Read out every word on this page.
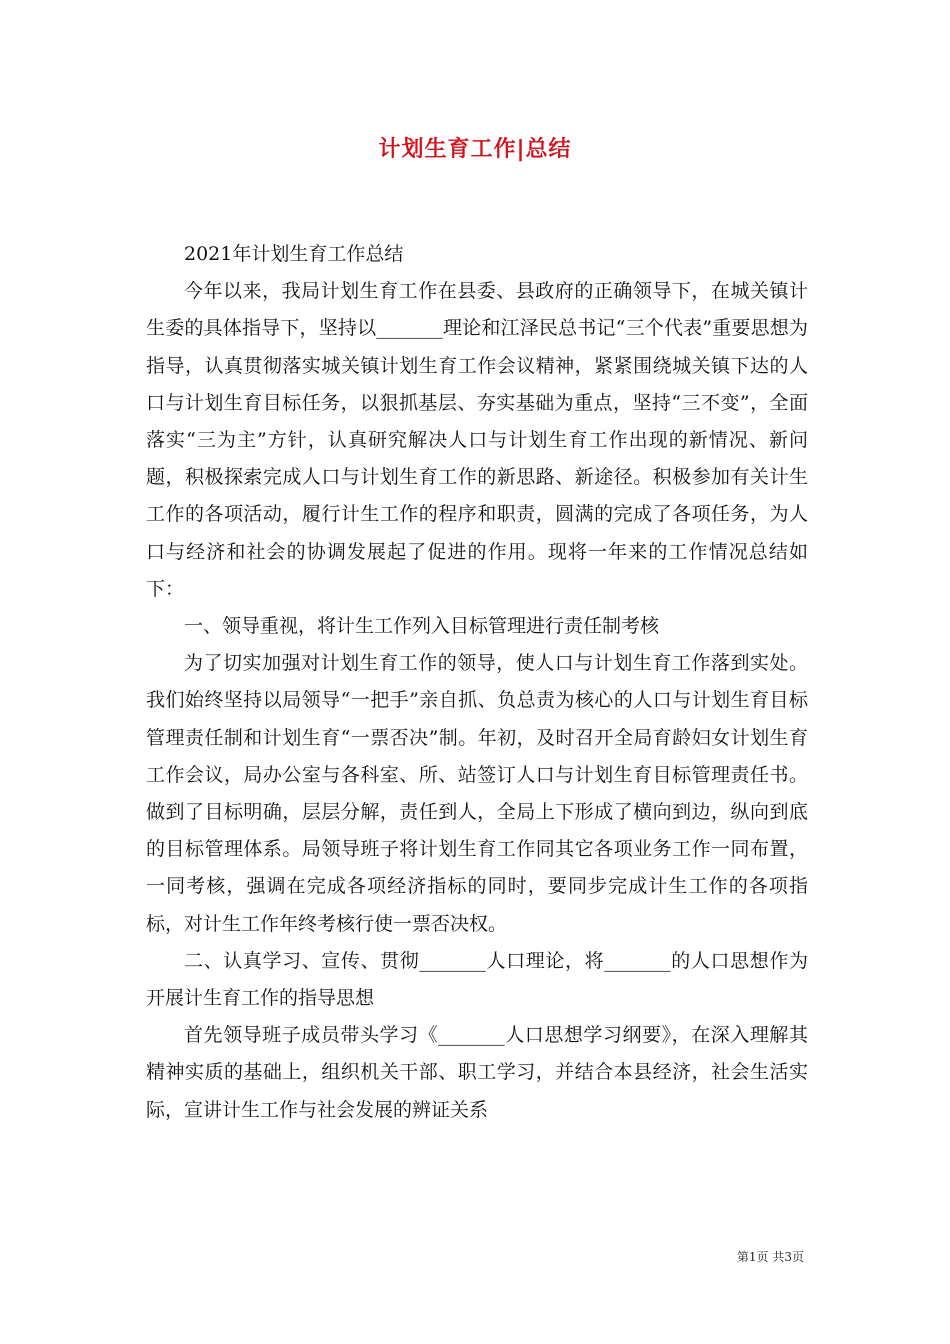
计划生育工作|总结

2021年计划生育工作总结

今年以来，我局计划生育工作在县委、县政府的正确领导下，在城关镇计生委的具体指导下，坚持以_______理论和江泽民总书记“三个代表”重要思想为指导，认真贯彻落实城关镇计划生育工作会议精神，紧紧围绕城关镇下达的人口与计划生育目标任务，以狠抓基层、夯实基础为重点，坚持“三不变”，全面落实“三为主”方针，认真研究解决人口与计划生育工作出现的新情况、新问题，积极探索完成人口与计划生育工作的新思路、新途径。积极参加有关计生工作的各项活动，履行计生工作的程序和职责，圆满的完成了各项任务，为人口与经济和社会的协调发展起了促进的作用。现将一年来的工作情况总结如下：

一、领导重视，将计生工作列入目标管理进行责任制考核

为了切实加强对计划生育工作的领导，使人口与计划生育工作落到实处。我们始终坚持以局领导“一把手”亲自抓、负总责为核心的人口与计划生育目标管理责任制和计划生育“一票否决”制。年初，及时召开全局育龄妇女计划生育工作会议，局办公室与各科室、所、站签订人口与计划生育目标管理责任书。做到了目标明确，层层分解，责任到人，全局上下形成了横向到边，纵向到底的目标管理体系。局领导班子将计划生育工作同其它各项业务工作一同布置，一同考核，强调在完成各项经济指标的同时，要同步完成计生工作的各项指标，对计生工作年终考核行使一票否决权。

二、认真学习、宣传、贯彻_______人口理论，将_______的人口思想作为开展计生育工作的指导思想

首先领导班子成员带头学习《_______人口思想学习纲要》，在深入理解其精神实质的基础上，组织机关干部、职工学习，并结合本县经济，社会生活实际，宣讲计生工作与社会发展的辨证关系

第1页 共3页
